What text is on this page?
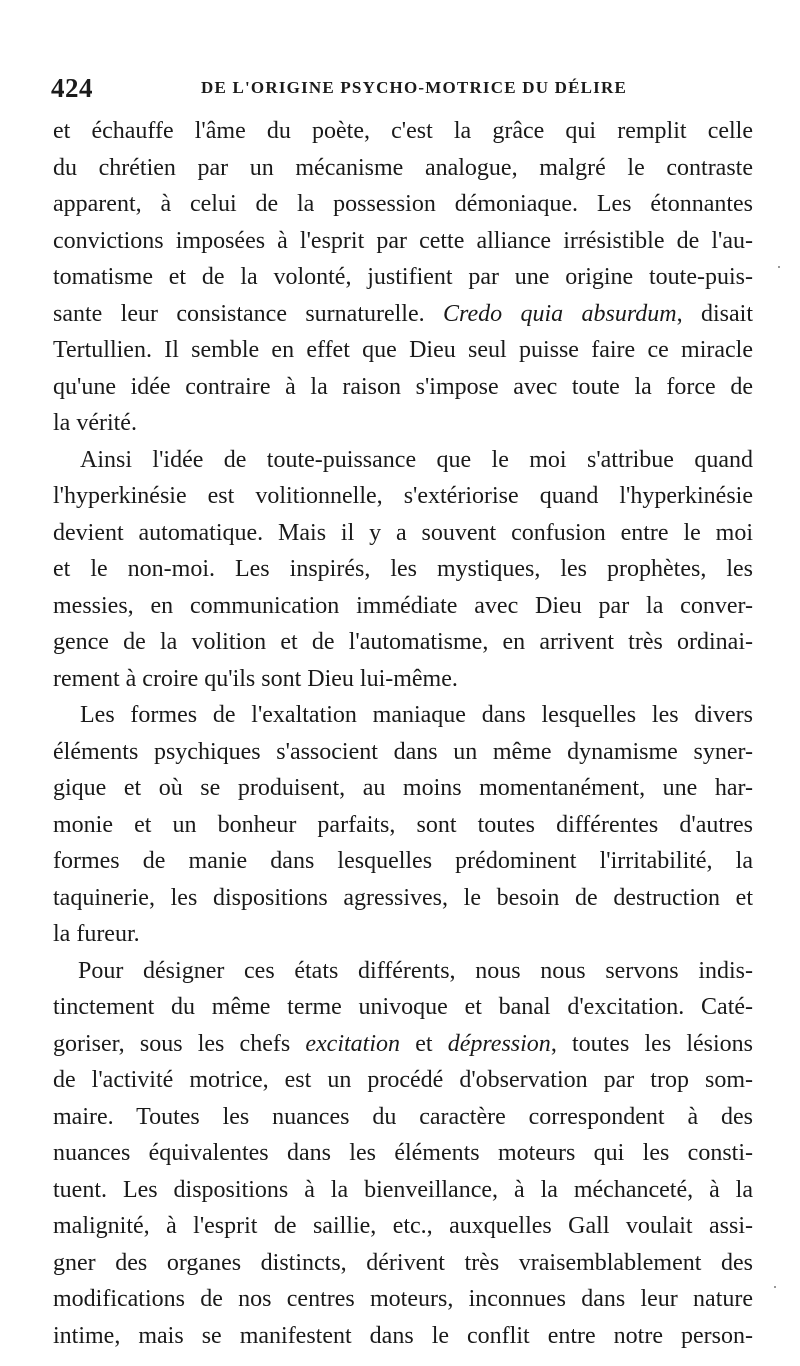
424	DE L'ORIGINE PSYCHO-MOTRICE DU DÉLIRE
et échauffe l'âme du poète, c'est la grâce qui remplit celle
du chrétien par un mécanisme analogue, malgré le contraste
apparent, à celui de la possession démoniaque. Les étonnantes
convictions imposées à l'esprit par cette alliance irrésistible de l'au-
tomatisme et de la volonté, justifient par une origine toute-puis-
sante leur consistance surnaturelle. Credo quia absurdum, disait
Tertullien. Il semble en effet que Dieu seul puisse faire ce miracle
qu'une idée contraire à la raison s'impose avec toute la force de
la vérité.
Ainsi l'idée de toute-puissance que le moi s'attribue quand
l'hyperkinésie est volitionnelle, s'extériorise quand l'hyperkinésie
devient automatique. Mais il y a souvent confusion entre le moi
et le non-moi. Les inspirés, les mystiques, les prophètes, les
messies, en communication immédiate avec Dieu par la conver-
gence de la volition et de l'automatisme, en arrivent très ordinai-
rement à croire qu'ils sont Dieu lui-même.
Les formes de l'exaltation maniaque dans lesquelles les divers
éléments psychiques s'associent dans un même dynamisme syner-
gique et où se produisent, au moins momentanément, une har-
monie et un bonheur parfaits, sont toutes différentes d'autres
formes de manie dans lesquelles prédominent l'irritabilité, la
taquinerie, les dispositions agressives, le besoin de destruction et
la fureur.
Pour désigner ces états différents, nous nous servons indis-
tinctement du même terme univoque et banal d'excitation. Caté-
goriser, sous les chefs excitation et dépression, toutes les lésions
de l'activité motrice, est un procédé d'observation par trop som-
maire. Toutes les nuances du caractère correspondent à des
nuances équivalentes dans les éléments moteurs qui les consti-
tuent. Les dispositions à la bienveillance, à la méchanceté, à la
malignité, à l'esprit de saillie, etc., auxquelles Gall voulait assi-
gner des organes distincts, dérivent très vraisemblablement des
modifications de nos centres moteurs, inconnues dans leur nature
intime, mais se manifestent dans le conflit entre notre person-
